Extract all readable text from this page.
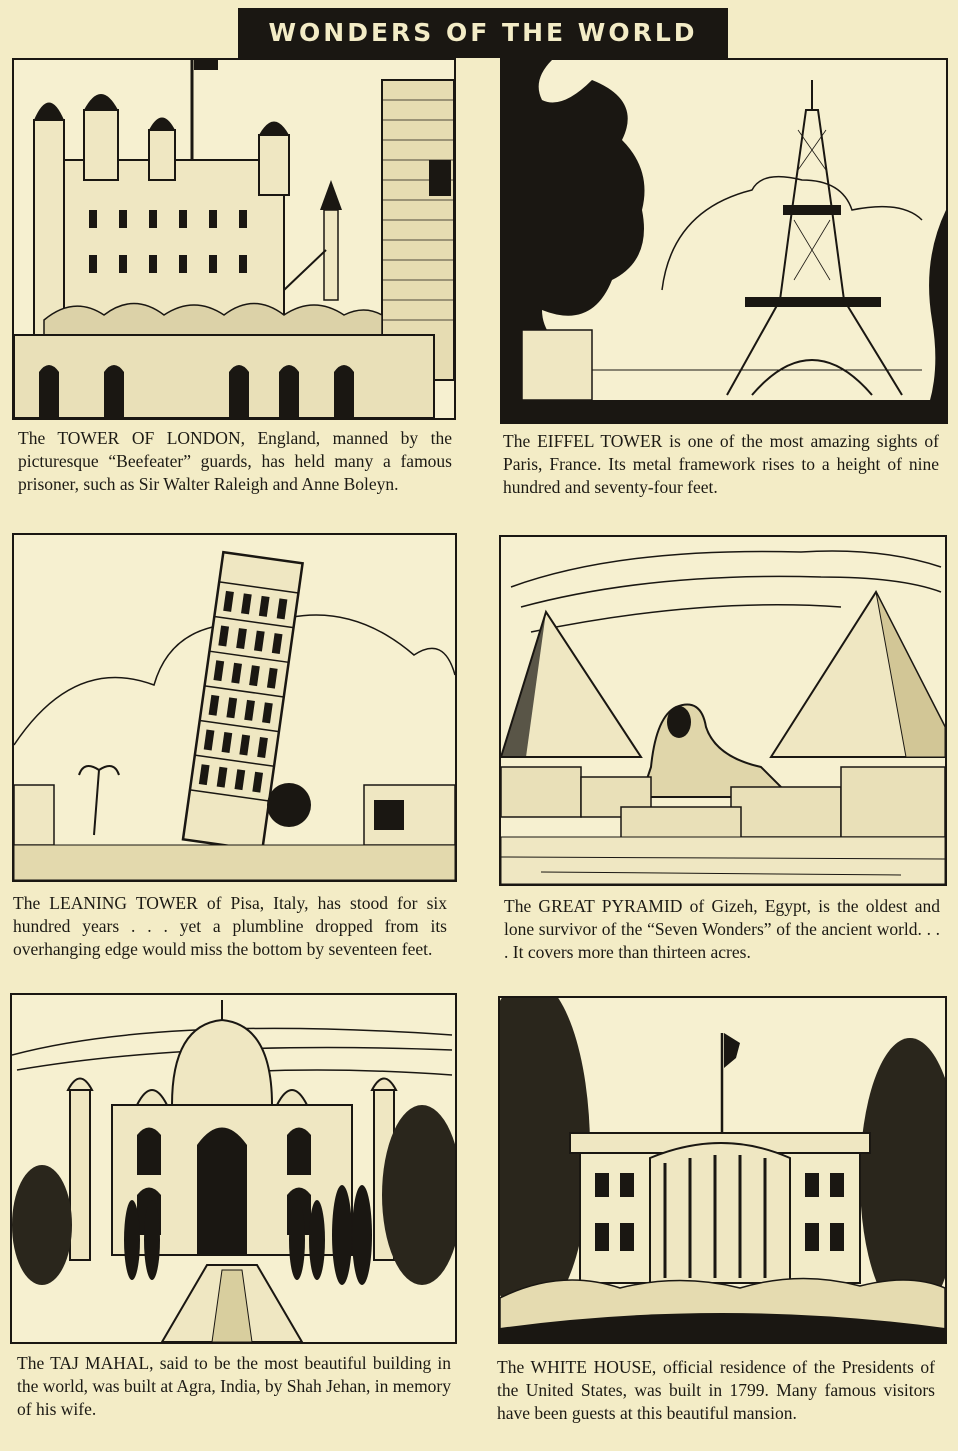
WONDERS OF THE WORLD
The TOWER OF LONDON, England, manned by the picturesque “Beefeater” guards, has held many a famous prisoner, such as Sir Walter Raleigh and Anne Boleyn.
The EIFFEL TOWER is one of the most amazing sights of Paris, France. Its metal framework rises to a height of nine hundred and seventy-four feet.
The LEANING TOWER of Pisa, Italy, has stood for six hundred years . . . yet a plumbline dropped from its overhanging edge would miss the bottom by seventeen feet.
The GREAT PYRAMID of Gizeh, Egypt, is the oldest and lone survivor of the “Seven Wonders” of the ancient world. . . . It covers more than thirteen acres.
The TAJ MAHAL, said to be the most beautiful building in the world, was built at Agra, India, by Shah Jehan, in memory of his wife.
The WHITE HOUSE, official residence of the Presidents of the United States, was built in 1799. Many famous visitors have been guests at this beautiful mansion.
